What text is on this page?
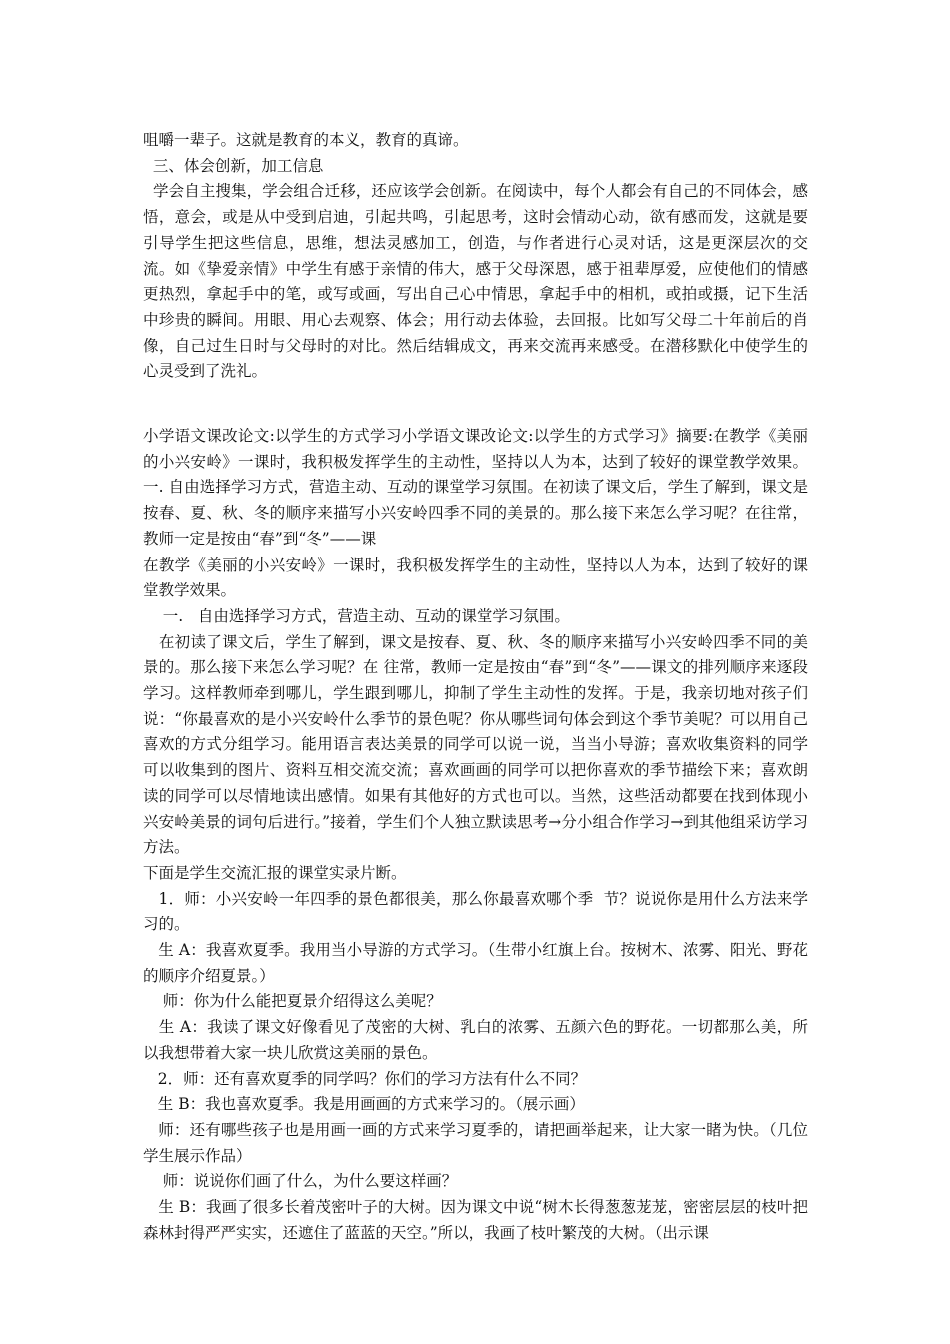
咀嚼一辈子。这就是教育的本义，教育的真谛。

三、体会创新，加工信息

学会自主搜集，学会组合迁移，还应该学会创新。在阅读中，每个人都会有自己的不同体会，感悟，意会，或是从中受到启迪，引起共鸣，引起思考，这时会情动心动，欲有感而发，这就是要引导学生把这些信息，思维，想法灵感加工，创造，与作者进行心灵对话，这是更深层次的交流。如《挚爱亲情》中学生有感于亲情的伟大，感于父母深恩，感于祖辈厚爱，应使他们的情感更热烈，拿起手中的笔，或写或画，写出自己心中情思，拿起手中的相机，或拍或摄，记下生活中珍贵的瞬间。用眼、用心去观察、体会；用行动去体验，去回报。比如写父母二十年前后的肖像，自己过生日时与父母时的对比。然后结辑成文，再来交流再来感受。在潜移默化中使学生的心灵受到了洗礼。

小学语文课改论文:以学生的方式学习小学语文课改论文:以学生的方式学习》摘要:在教学《美丽的小兴安岭》一课时，我积极发挥学生的主动性，坚持以人为本，达到了较好的课堂教学效果。一. 自由选择学习方式，营造主动、互动的课堂学习氛围。在初读了课文后，学生了解到，课文是按春、夏、秋、冬的顺序来描写小兴安岭四季不同的美景的。那么接下来怎么学习呢？在往常，教师一定是按由“春”到“冬”——课

在教学《美丽的小兴安岭》一课时，我积极发挥学生的主动性，坚持以人为本，达到了较好的课堂教学效果。

一.   自由选择学习方式，营造主动、互动的课堂学习氛围。

在初读了课文后，学生了解到，课文是按春、夏、秋、冬的顺序来描写小兴安岭四季不同的美景的。那么接下来怎么学习呢？在 往常，教师一定是按由“春”到“冬”——课文的排列顺序来逐段学习。这样教师牵到哪儿，学生跟到哪儿，抑制了学生主动性的发挥。于是，我亲切地对孩子们说：“你最喜欢的是小兴安岭什么季节的景色呢？你从哪些词句体会到这个季节美呢？可以用自己喜欢的方式分组学习。能用语言表达美景的同学可以说一说，当当小导游；喜欢收集资料的同学可以收集到的图片、资料互相交流交流；喜欢画画的同学可以把你喜欢的季节描绘下来；喜欢朗读的同学可以尽情地读出感情。如果有其他好的方式也可以。当然，这些活动都要在找到体现小兴安岭美景的词句后进行。”接着，学生们个人独立默读思考→分小组合作学习→到其他组采访学习方法。

下面是学生交流汇报的课堂实录片断。

1．师：小兴安岭一年四季的景色都很美，那么你最喜欢哪个季  节？说说你是用什么方法来学习的。

生 A：我喜欢夏季。我用当小导游的方式学习。（生带小红旗上台。按树木、浓雾、阳光、野花的顺序介绍夏景。）

师：你为什么能把夏景介绍得这么美呢？

生 A：我读了课文好像看见了茂密的大树、乳白的浓雾、五颜六色的野花。一切都那么美，所以我想带着大家一块儿欣赏这美丽的景色。

2．师：还有喜欢夏季的同学吗？你们的学习方法有什么不同？

生 B：我也喜欢夏季。我是用画画的方式来学习的。（展示画）

师：还有哪些孩子也是用画一画的方式来学习夏季的，请把画举起来，让大家一睹为快。（几位学生展示作品）

师：说说你们画了什么，为什么要这样画？

生 B：我画了很多长着茂密叶子的大树。因为课文中说“树木长得葱葱茏茏，密密层层的枝叶把森林封得严严实实，还遮住了蓝蓝的天空。”所以，我画了枝叶繁茂的大树。（出示课
